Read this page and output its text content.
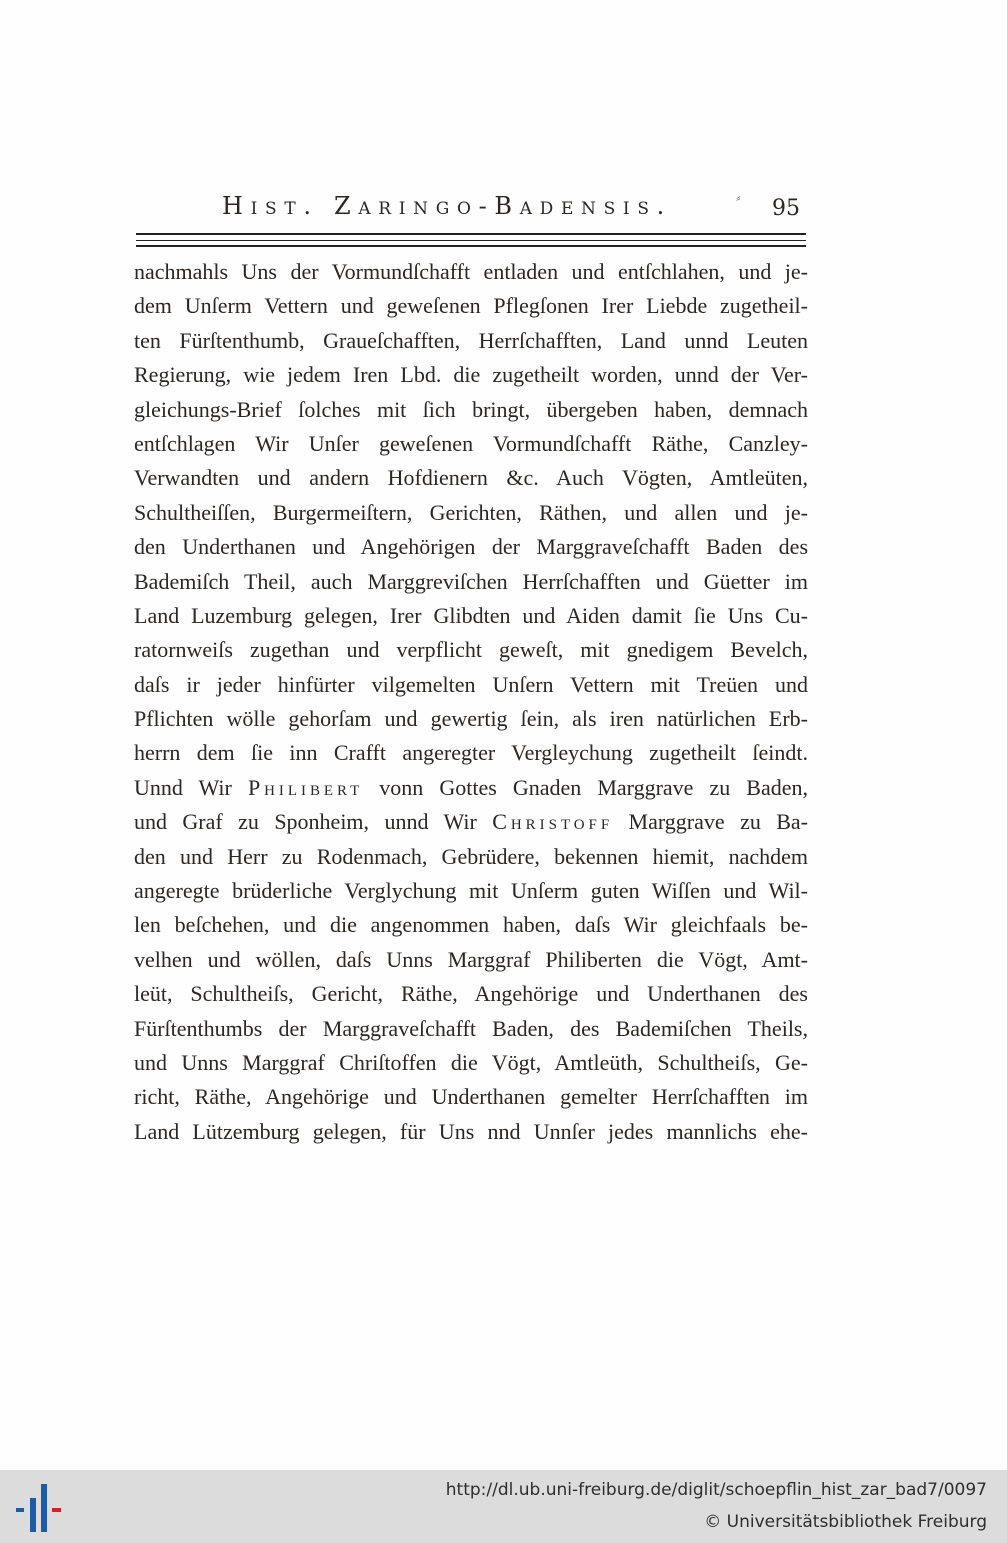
Hist. Zaringo-Badensis.	⸗ 95
nachmahls Uns der Vormundſchafft entladen und entſchlahen, und je-
dem Unſerm Vettern und geweſenen Pflegſonen Irer Liebde zugetheil-
ten Fürſtenthumb, Graueſchafften, Herrſchafften, Land unnd Leuten
Regierung, wie jedem Iren Lbd. die zugetheilt worden, unnd der Ver-
gleichungs-Brief ſolches mit ſich bringt, übergeben haben, demnach
entſchlagen Wir Unſer geweſenen Vormundſchafft Räthe, Canzley-
Verwandten und andern Hofdienern &c. Auch Vögten, Amtleüten,
Schultheiſſen, Burgermeiſtern, Gerichten, Räthen, und allen und je-
den Underthanen und Angehörigen der Marggraveſchafft Baden des
Bademiſch Theil, auch Marggreviſchen Herrſchafften und Güetter im
Land Luzemburg gelegen, Irer Glibdten und Aiden damit ſie Uns Cu-
ratornweiſs zugethan und verpflicht geweſt, mit gnedigem Bevelch,
daſs ir jeder hinfürter vilgemelten Unſern Vettern mit Treüen und
Pflichten wölle gehorſam und gewertig ſein, als iren natürlichen Erb-
herrn dem ſie inn Crafft angeregter Vergleychung zugetheilt ſeindt.
Unnd Wir Philibert vonn Gottes Gnaden Marggrave zu Baden,
und Graf zu Sponheim, unnd Wir Christoff Marggrave zu Ba-
den und Herr zu Rodenmach, Gebrüdere, bekennen hiemit, nachdem
angeregte brüderliche Verglychung mit Unſerm guten Wiſſen und Wil-
len beſchehen, und die angenommen haben, daſs Wir gleichfaals be-
velhen und wöllen, daſs Unns Marggraf Philiberten die Vögt, Amt-
leüt, Schultheiſs, Gericht, Räthe, Angehörige und Underthanen des
Fürſtenthumbs der Marggraveſchafft Baden, des Bademiſchen Theils,
und Unns Marggraf Chriſtoffen die Vögt, Amtleüth, Schultheiſs, Ge-
richt, Räthe, Angehörige und Underthanen gemelter Herrſchafften im
Land Lützemburg gelegen, für Uns nnd Unnſer jedes mannlichs ehe-
http://dl.ub.uni-freiburg.de/diglit/schoepflin_hist_zar_bad7/0097
© Universitätsbibliothek Freiburg
